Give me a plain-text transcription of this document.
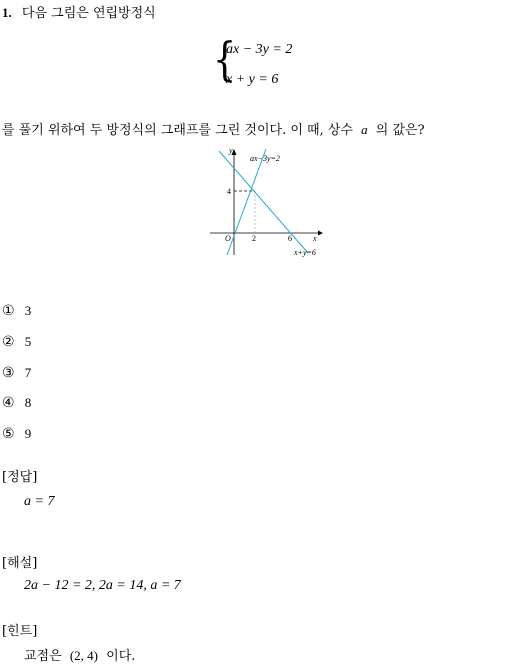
1. 다음 그림은 연립방정식
{
ax − 3y = 2
x + y = 6
를 풀기 위하여 두 방정식의 그래프를 그린 것이다. 이 때, 상수 a 의 값은?
y
x
O	2	6
4
ax−3y=2
x+y=6
① 3
② 5
③ 7
④ 8
⑤ 9
[정답]
a = 7
[해설]
2a − 12 = 2, 2a = 14, a = 7
[힌트]
교점은 (2, 4) 이다.
